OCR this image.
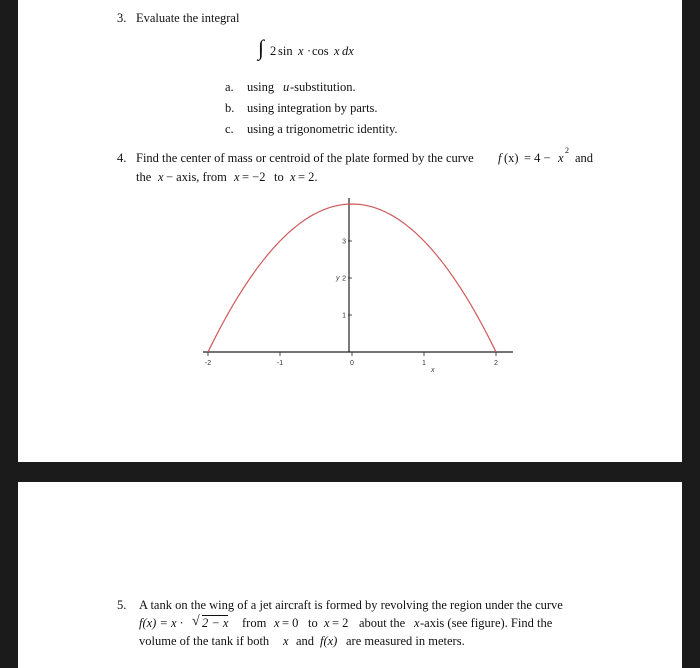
3. Evaluate the integral
∫ 2 sin x · cos x dx
a. using u -substitution.
b. using integration by parts.
c. using a trigonometric identity.
4. Find the center of mass or centroid of the plate formed by the curve f (x) = 4 − x
2
and
the x − axis, from x = −2 to x = 2.
-2	-1	0	1	2
1
2
3
x
y
5. A tank on the wing of a jet aircraft is formed by revolving the region under the curve
f(x) = x · √ 2 − x from x = 0 to x = 2 about the x -axis (see figure). Find the
volume of the tank if both x and f(x) are measured in meters.
